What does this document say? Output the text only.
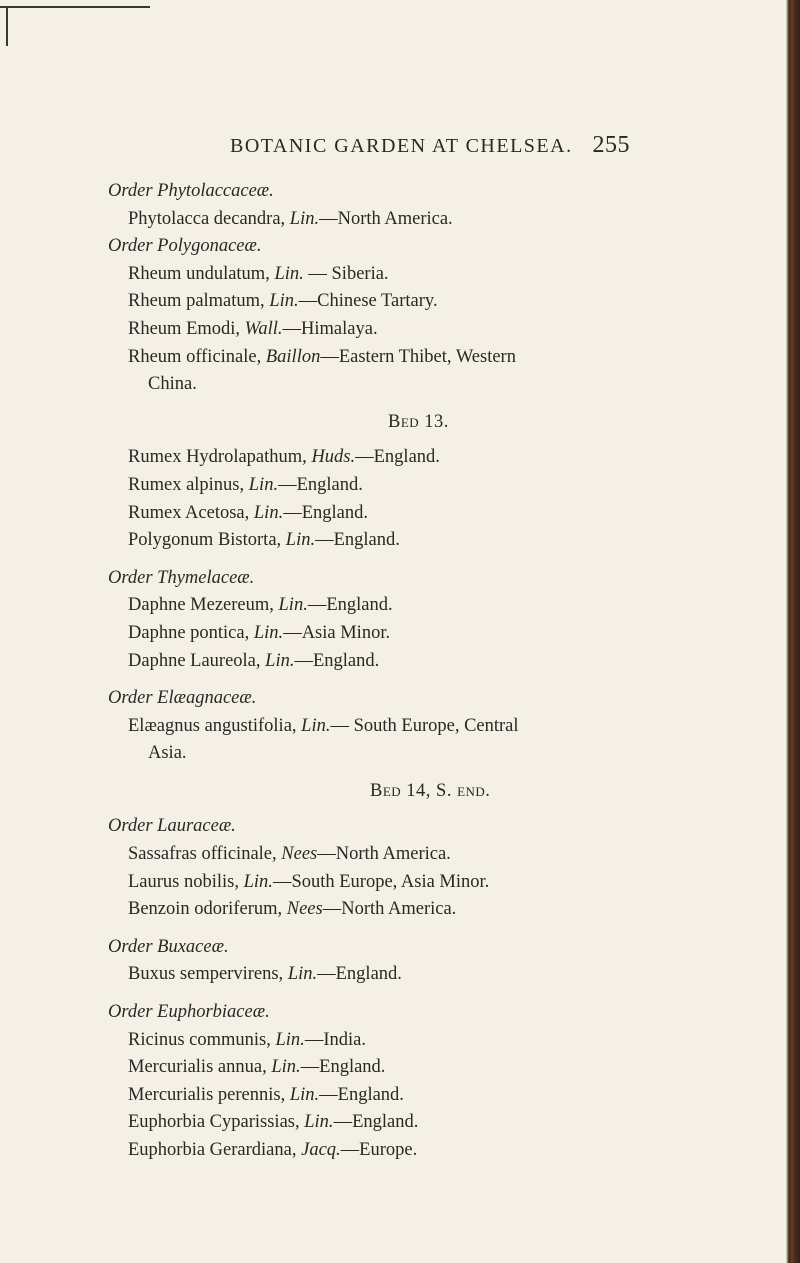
BOTANIC GARDEN AT CHELSEA. 255

Order Phytolaccaceæ.

Phytolacca decandra, Lin.—North America.

Order Polygonaceæ.

Rheum undulatum, Lin. — Siberia.

Rheum palmatum, Lin.—Chinese Tartary.

Rheum Emodi, Wall.—Himalaya.

Rheum officinale, Baillon—Eastern Thibet, Western

China.

Bed 13.

Rumex Hydrolapathum, Huds.—England.

Rumex alpinus, Lin.—England.

Rumex Acetosa, Lin.—England.

Polygonum Bistorta, Lin.—England.

Order Thymelaceæ.

Daphne Mezereum, Lin.—England.

Daphne pontica, Lin.—Asia Minor.

Daphne Laureola, Lin.—England.

Order Elæagnaceæ.

Elæagnus angustifolia, Lin.— South Europe, Central

Asia.

Bed 14, S. end.

Order Lauraceæ.

Sassafras officinale, Nees—North America.

Laurus nobilis, Lin.—South Europe, Asia Minor.

Benzoin odoriferum, Nees—North America.

Order Buxaceæ.

Buxus sempervirens, Lin.—England.

Order Euphorbiaceæ.

Ricinus communis, Lin.—India.

Mercurialis annua, Lin.—England.

Mercurialis perennis, Lin.—England.

Euphorbia Cyparissias, Lin.—England.

Euphorbia Gerardiana, Jacq.—Europe.
